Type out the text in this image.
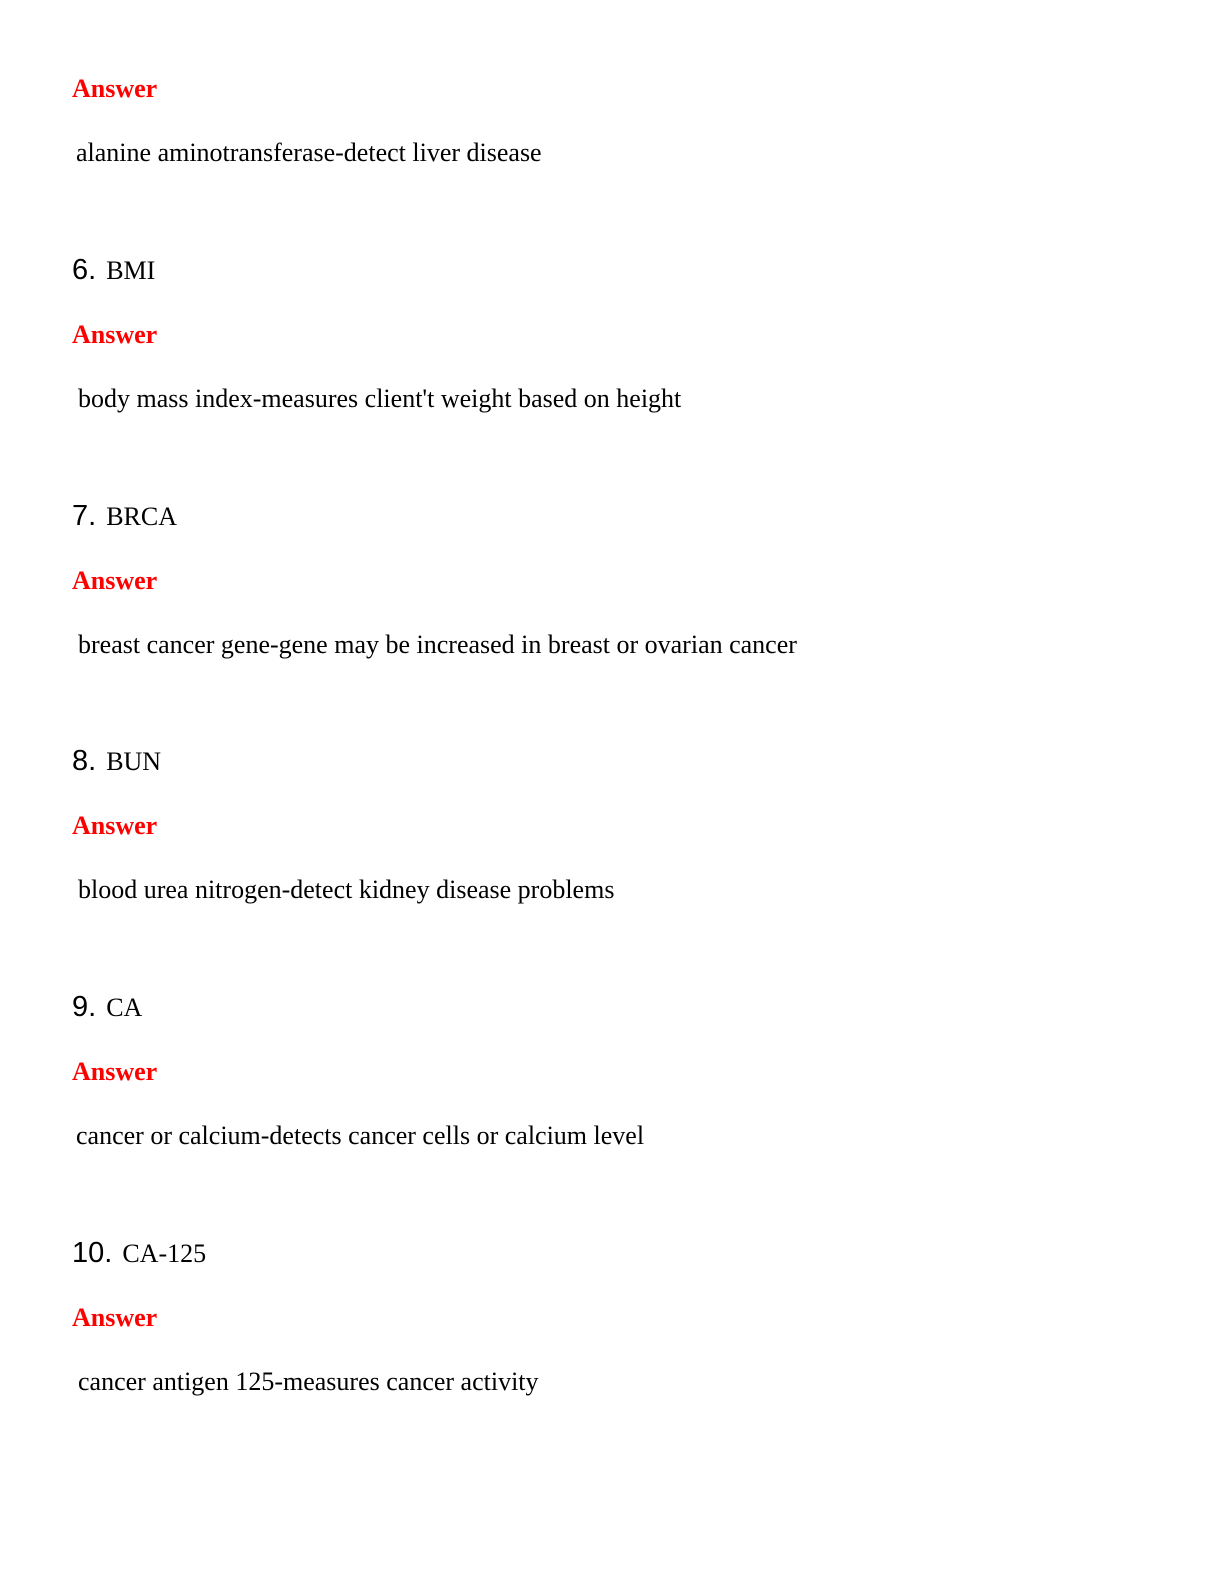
Answer
alanine aminotransferase-detect liver disease
6. BMI
Answer
body mass index-measures client't weight based on height
7. BRCA
Answer
breast cancer gene-gene may be increased in breast or ovarian cancer
8. BUN
Answer
blood urea nitrogen-detect kidney disease problems
9. CA
Answer
cancer or calcium-detects cancer cells or calcium level
10. CA-125
Answer
cancer antigen 125-measures cancer activity
